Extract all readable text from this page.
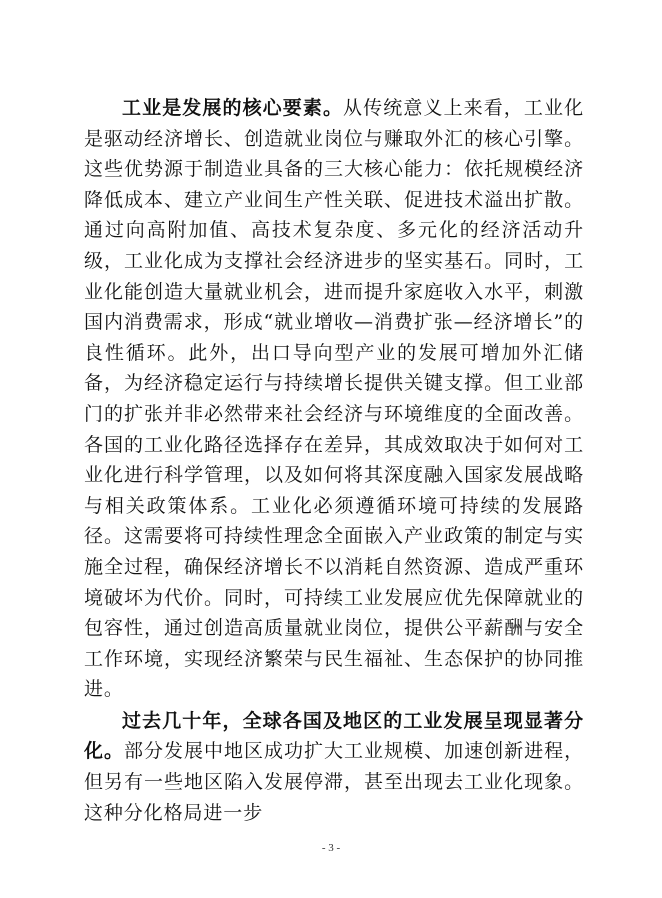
工业是发展的核心要素。从传统意义上来看，工业化是驱动经济增长、创造就业岗位与赚取外汇的核心引擎。这些优势源于制造业具备的三大核心能力：依托规模经济降低成本、建立产业间生产性关联、促进技术溢出扩散。通过向高附加值、高技术复杂度、多元化的经济活动升级，工业化成为支撑社会经济进步的坚实基石。同时，工业化能创造大量就业机会，进而提升家庭收入水平，刺激国内消费需求，形成“就业增收—消费扩张—经济增长”的良性循环。此外，出口导向型产业的发展可增加外汇储备，为经济稳定运行与持续增长提供关键支撑。但工业部门的扩张并非必然带来社会经济与环境维度的全面改善。各国的工业化路径选择存在差异，其成效取决于如何对工业化进行科学管理，以及如何将其深度融入国家发展战略与相关政策体系。工业化必须遵循环境可持续的发展路径。这需要将可持续性理念全面嵌入产业政策的制定与实施全过程，确保经济增长不以消耗自然资源、造成严重环境破坏为代价。同时，可持续工业发展应优先保障就业的包容性，通过创造高质量就业岗位，提供公平薪酬与安全工作环境，实现经济繁荣与民生福祉、生态保护的协同推进。

过去几十年，全球各国及地区的工业发展呈现显著分化。部分发展中地区成功扩大工业规模、加速创新进程，但另有一些地区陷入发展停滞，甚至出现去工业化现象。这种分化格局进一步

- 3 -
